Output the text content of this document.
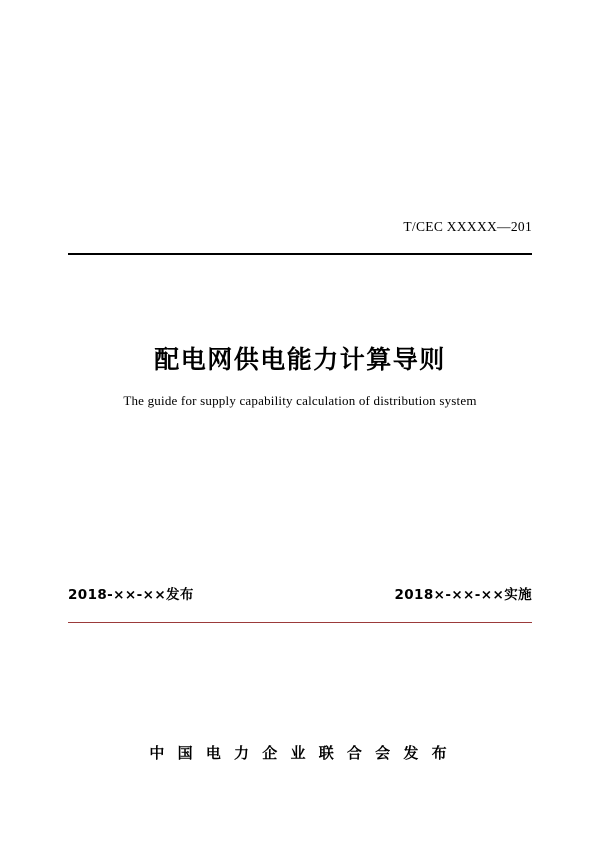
T/CEC XXXXX—201
配电网供电能力计算导则
The guide for supply capability calculation of distribution system
2018-××-××发布	2018×-××-××实施
中 国 电 力 企 业 联 合 会 发 布
